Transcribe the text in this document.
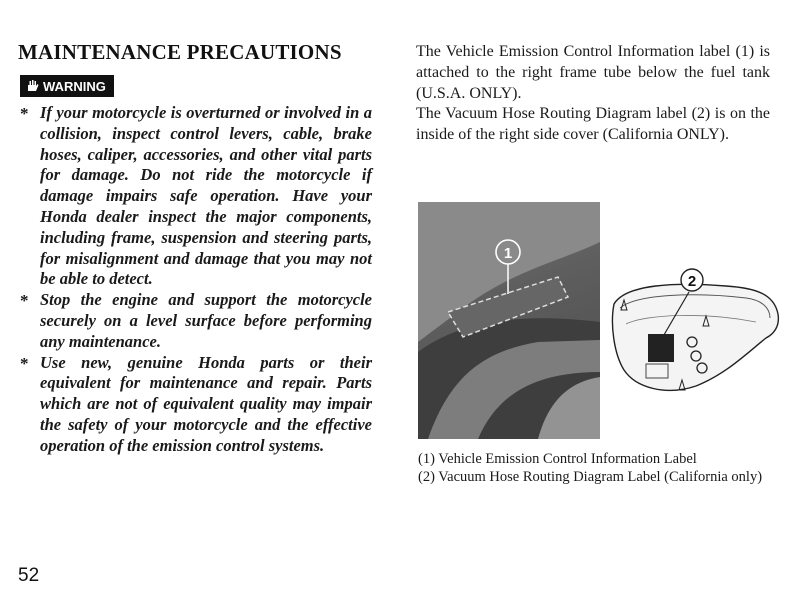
MAINTENANCE PRECAUTIONS
WARNING
* If your motorcycle is overturned or involved in a collision, inspect control levers, cable, brake hoses, caliper, accessories, and other vital parts for damage. Do not ride the motorcycle if damage impairs safe operation. Have your Honda dealer inspect the major components, including frame, suspension and steering parts, for misalignment and damage that you may not be able to detect.
* Stop the engine and support the motorcycle securely on a level surface before performing any maintenance.
* Use new, genuine Honda parts or their equivalent for maintenance and repair. Parts which are not of equivalent quality may impair the safety of your motorcycle and the effective operation of the emission control systems.

The Vehicle Emission Control Information label (1) is attached to the right frame tube below the fuel tank (U.S.A. ONLY).

The Vacuum Hose Routing Diagram label (2) is on the inside of the right side cover (California ONLY).

1
2
(1) Vehicle Emission Control Information Label
(2) Vacuum Hose Routing Diagram Label (California only)
52
